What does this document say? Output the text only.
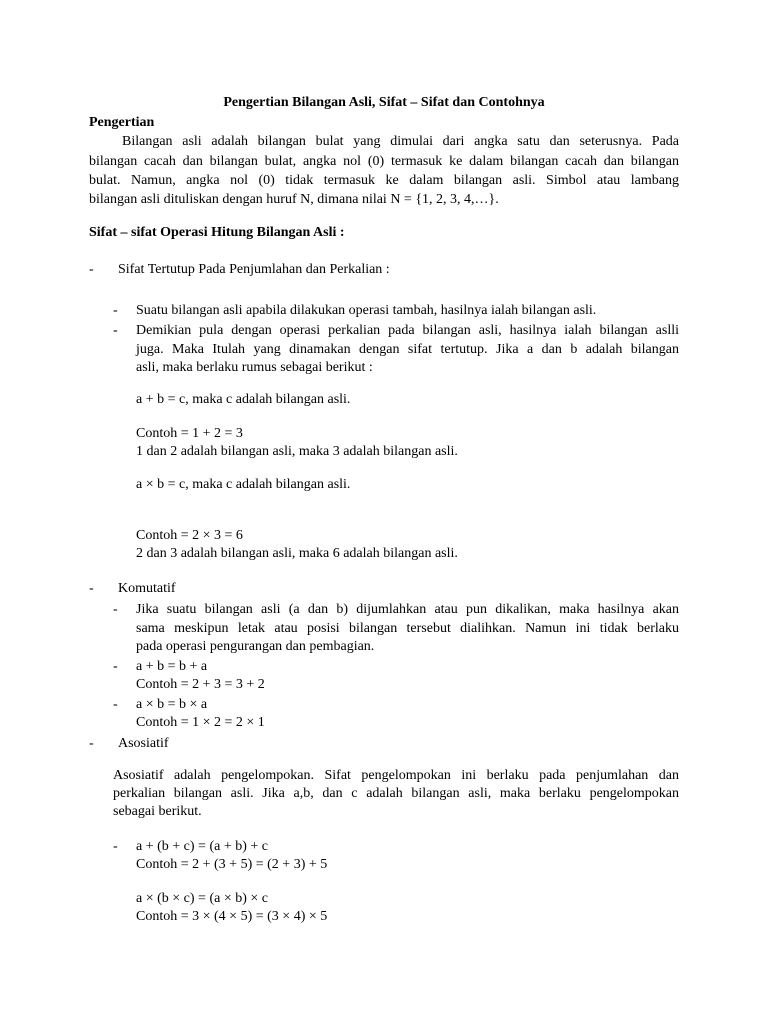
Pengertian Bilangan Asli, Sifat – Sifat dan Contohnya
Pengertian
Bilangan asli adalah bilangan bulat yang dimulai dari angka satu dan seterusnya. Pada
bilangan cacah dan bilangan bulat, angka nol (0) termasuk ke dalam bilangan cacah dan bilangan
bulat. Namun, angka nol (0) tidak termasuk ke dalam bilangan asli. Simbol atau lambang
bilangan asli dituliskan dengan huruf N, dimana nilai N = {1, 2, 3, 4,…}.
Sifat – sifat Operasi Hitung Bilangan Asli :
- Sifat Tertutup Pada Penjumlahan dan Perkalian :
- Suatu bilangan asli apabila dilakukan operasi tambah, hasilnya ialah bilangan asli.
- Demikian pula dengan operasi perkalian pada bilangan asli, hasilnya ialah bilangan aslli
juga. Maka Itulah yang dinamakan dengan sifat tertutup. Jika a dan b adalah bilangan
asli, maka berlaku rumus sebagai berikut :
a + b = c, maka c adalah bilangan asli.
Contoh = 1 + 2 = 3
1 dan 2 adalah bilangan asli, maka 3 adalah bilangan asli.
a × b = c, maka c adalah bilangan asli.
Contoh = 2 × 3 = 6
2 dan 3 adalah bilangan asli, maka 6 adalah bilangan asli.
- Komutatif
- Jika suatu bilangan asli (a dan b) dijumlahkan atau pun dikalikan, maka hasilnya akan
sama meskipun letak atau posisi bilangan tersebut dialihkan. Namun ini tidak berlaku
pada operasi pengurangan dan pembagian.
- a + b = b + a
Contoh = 2 + 3 = 3 + 2
- a × b = b × a
Contoh = 1 × 2 = 2 × 1
- Asosiatif
Asosiatif adalah pengelompokan. Sifat pengelompokan ini berlaku pada penjumlahan dan
perkalian bilangan asli. Jika a,b, dan c adalah bilangan asli, maka berlaku pengelompokan
sebagai berikut.
- a + (b + c) = (a + b) + c
Contoh = 2 + (3 + 5) = (2 + 3) + 5
a × (b × c) = (a × b) × c
Contoh = 3 × (4 × 5) = (3 × 4) × 5
